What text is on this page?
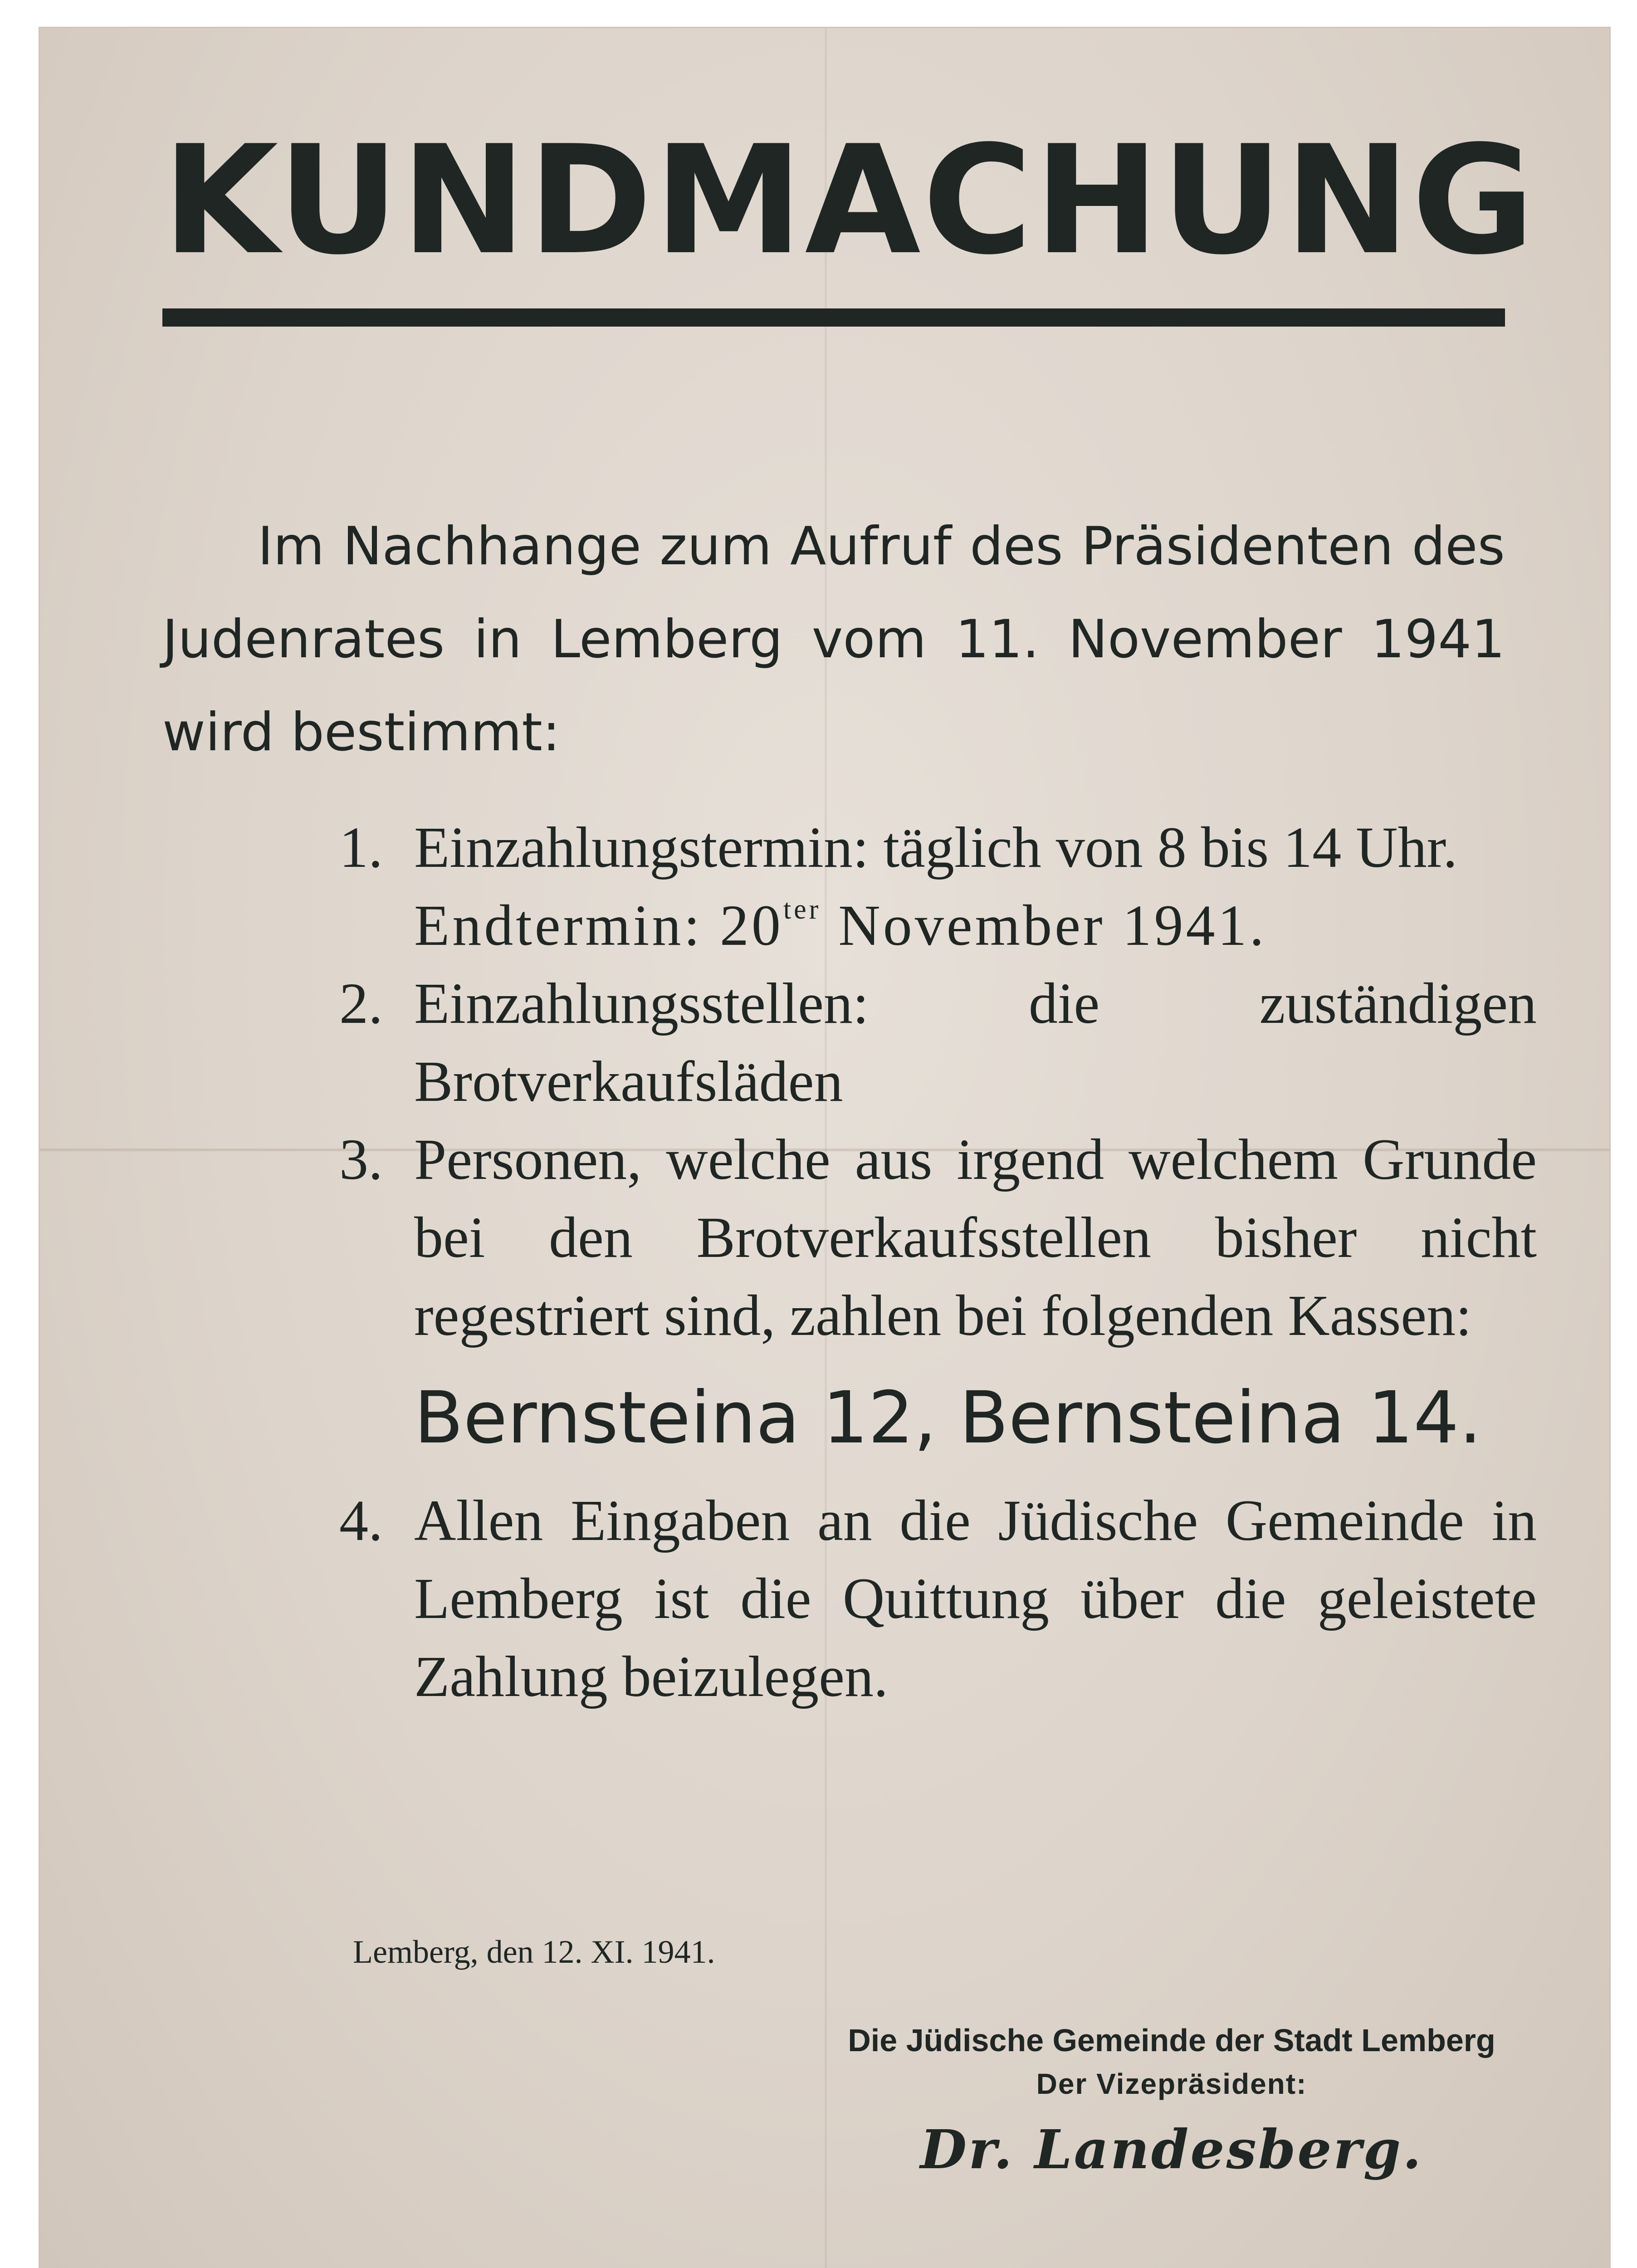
KUNDMACHUNG
Im Nachhange zum Aufruf des Präsidenten des Judenrates in Lemberg vom 11. November 1941 wird bestimmt:
1. Einzahlungstermin: täglich von 8 bis 14 Uhr.
Endtermin: $20^{ter}$ November 1941.
2. Einzahlungsstellen: die zuständigen Brotverkaufsläden
3. Personen, welche aus irgend welchem Grunde bei den Brotverkaufsstellen bisher nicht regestriert sind, zahlen bei folgenden Kassen:
Bernsteina 12, Bernsteina 14.
4. Allen Eingaben an die Jüdische Gemeinde in Lemberg ist die Quittung über die geleistete Zahlung beizulegen.
Lemberg, den 12. XI. 1941.
Die Jüdische Gemeinde der Stadt Lemberg
Der Vizepräsident:
Dr. Landesberg.
